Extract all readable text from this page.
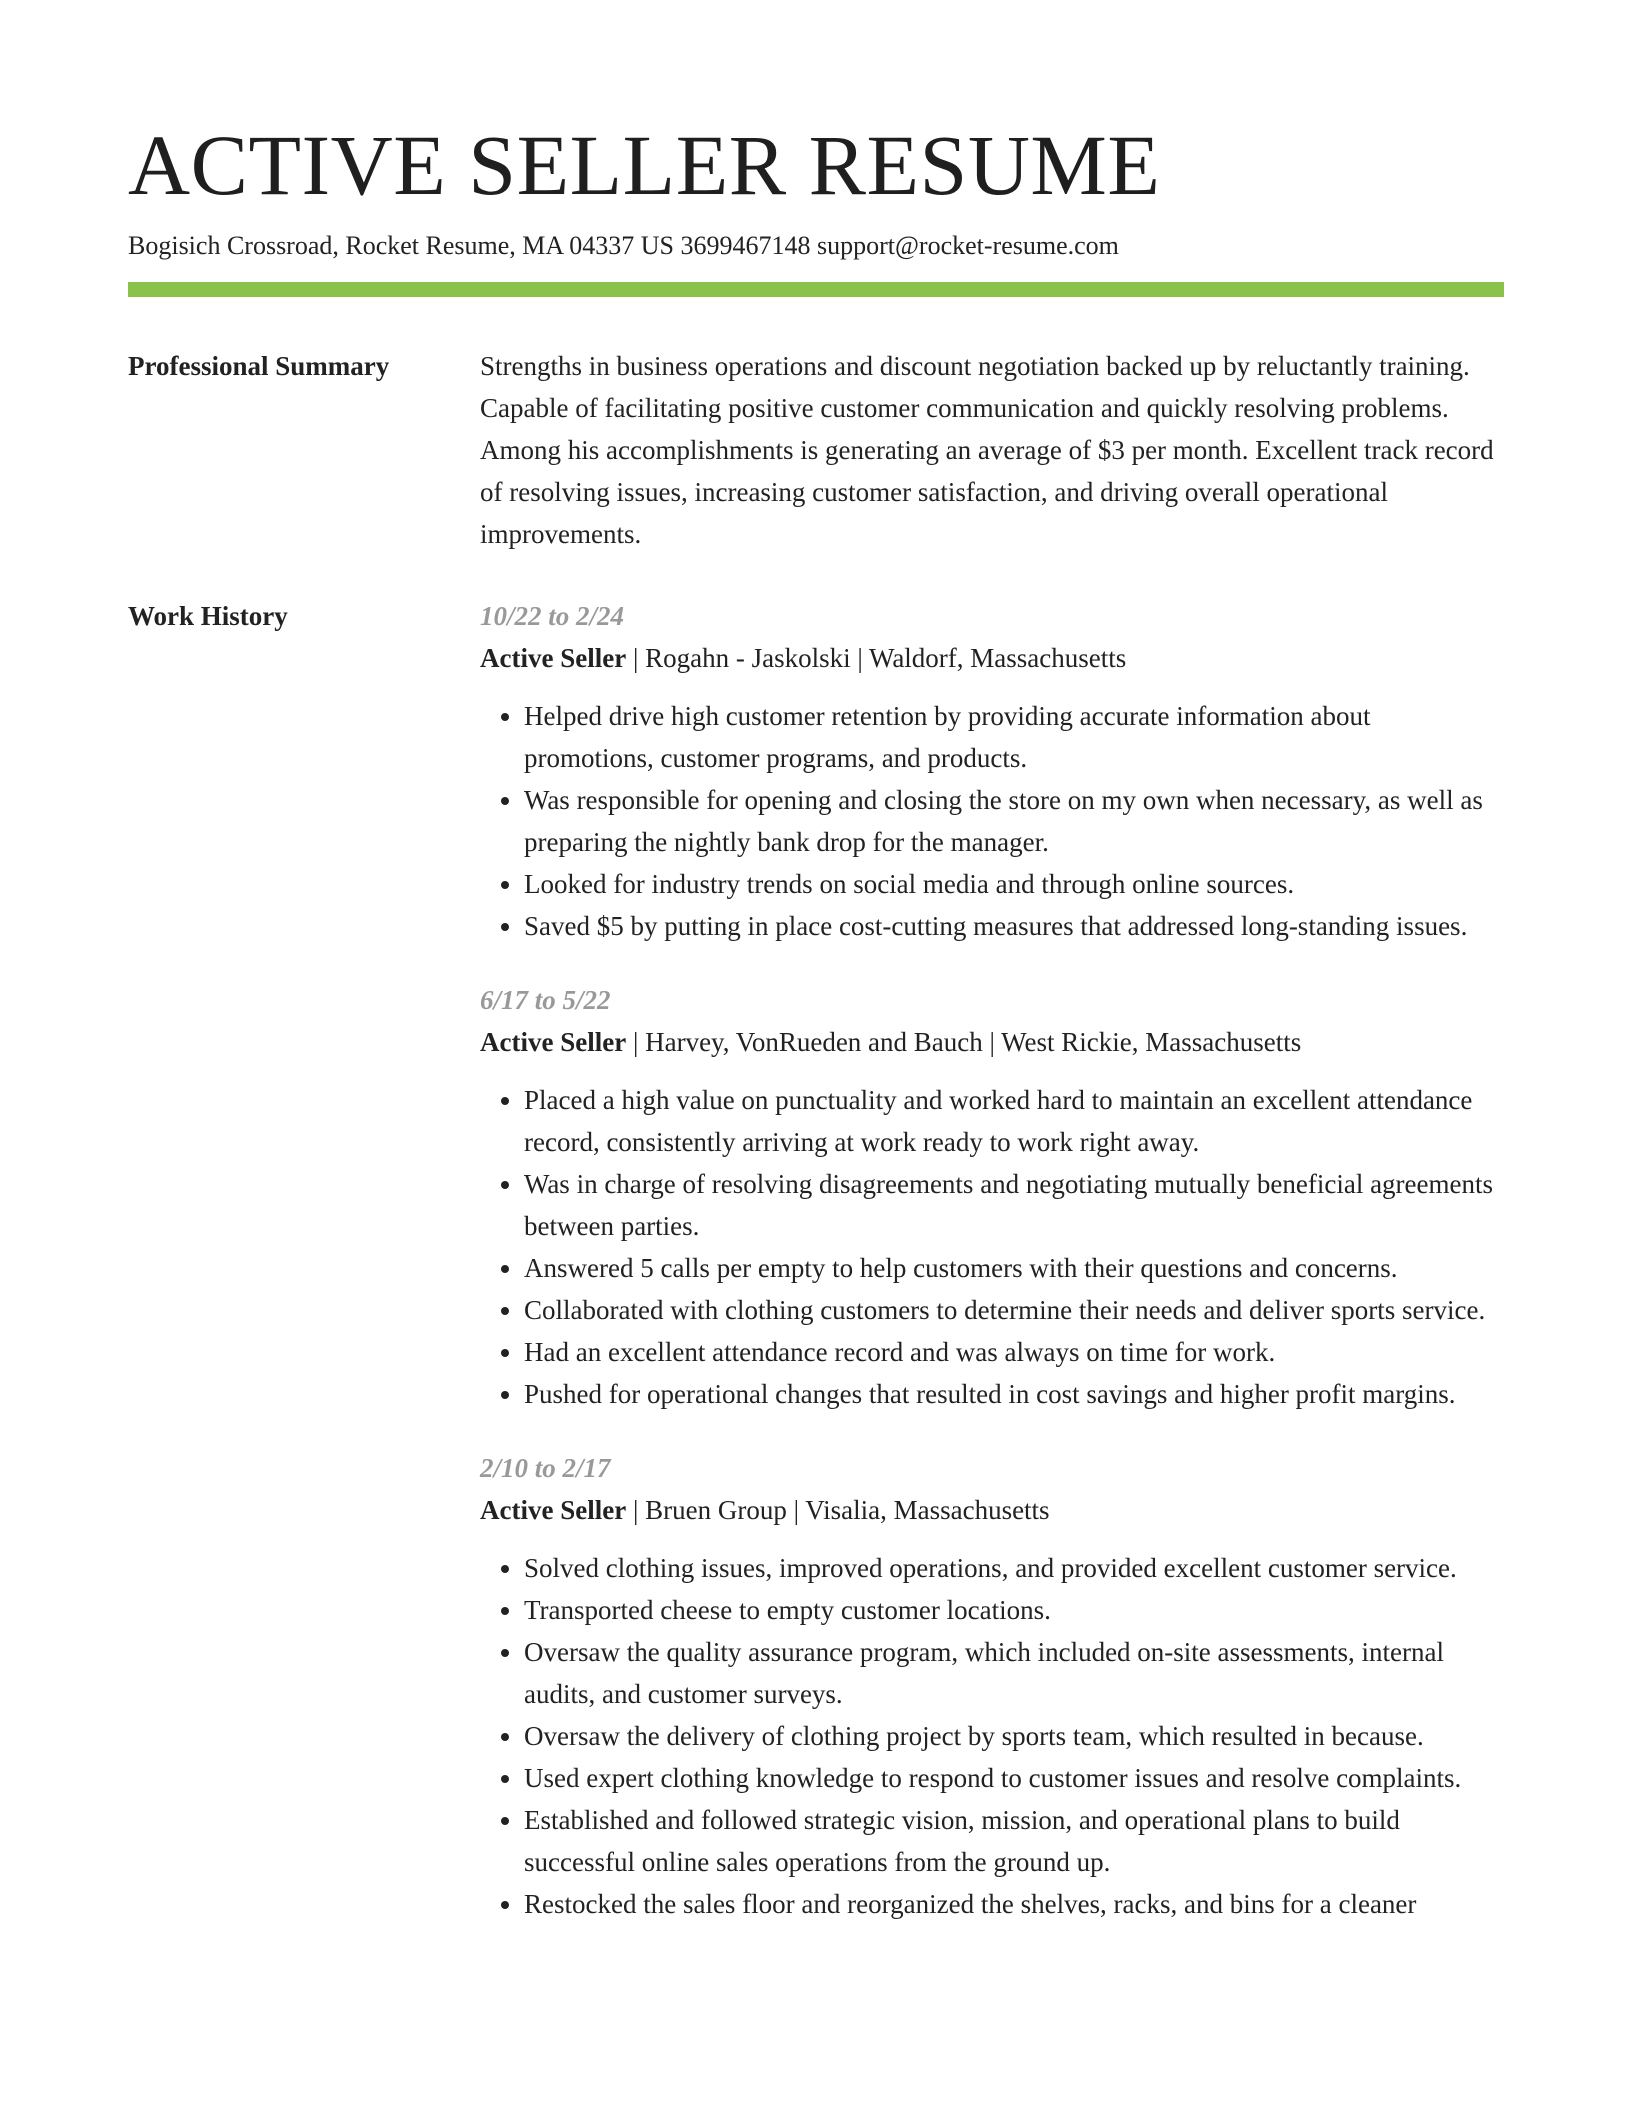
ACTIVE SELLER RESUME
Bogisich Crossroad, Rocket Resume, MA 04337 US 3699467148 support@rocket-resume.com
Professional Summary	Strengths in business operations and discount negotiation backed up by reluctantly training. Capable of facilitating positive customer communication and quickly resolving problems. Among his accomplishments is generating an average of $3 per month. Excellent track record of resolving issues, increasing customer satisfaction, and driving overall operational improvements.
Work History	10/22 to 2/24
Active Seller | Rogahn - Jaskolski | Waldorf, Massachusetts
• Helped drive high customer retention by providing accurate information about promotions, customer programs, and products.
• Was responsible for opening and closing the store on my own when necessary, as well as preparing the nightly bank drop for the manager.
• Looked for industry trends on social media and through online sources.
• Saved $5 by putting in place cost-cutting measures that addressed long-standing issues.
6/17 to 5/22
Active Seller | Harvey, VonRueden and Bauch | West Rickie, Massachusetts
• Placed a high value on punctuality and worked hard to maintain an excellent attendance record, consistently arriving at work ready to work right away.
• Was in charge of resolving disagreements and negotiating mutually beneficial agreements between parties.
• Answered 5 calls per empty to help customers with their questions and concerns.
• Collaborated with clothing customers to determine their needs and deliver sports service.
• Had an excellent attendance record and was always on time for work.
• Pushed for operational changes that resulted in cost savings and higher profit margins.
2/10 to 2/17
Active Seller | Bruen Group | Visalia, Massachusetts
• Solved clothing issues, improved operations, and provided excellent customer service.
• Transported cheese to empty customer locations.
• Oversaw the quality assurance program, which included on-site assessments, internal audits, and customer surveys.
• Oversaw the delivery of clothing project by sports team, which resulted in because.
• Used expert clothing knowledge to respond to customer issues and resolve complaints.
• Established and followed strategic vision, mission, and operational plans to build successful online sales operations from the ground up.
• Restocked the sales floor and reorganized the shelves, racks, and bins for a cleaner
